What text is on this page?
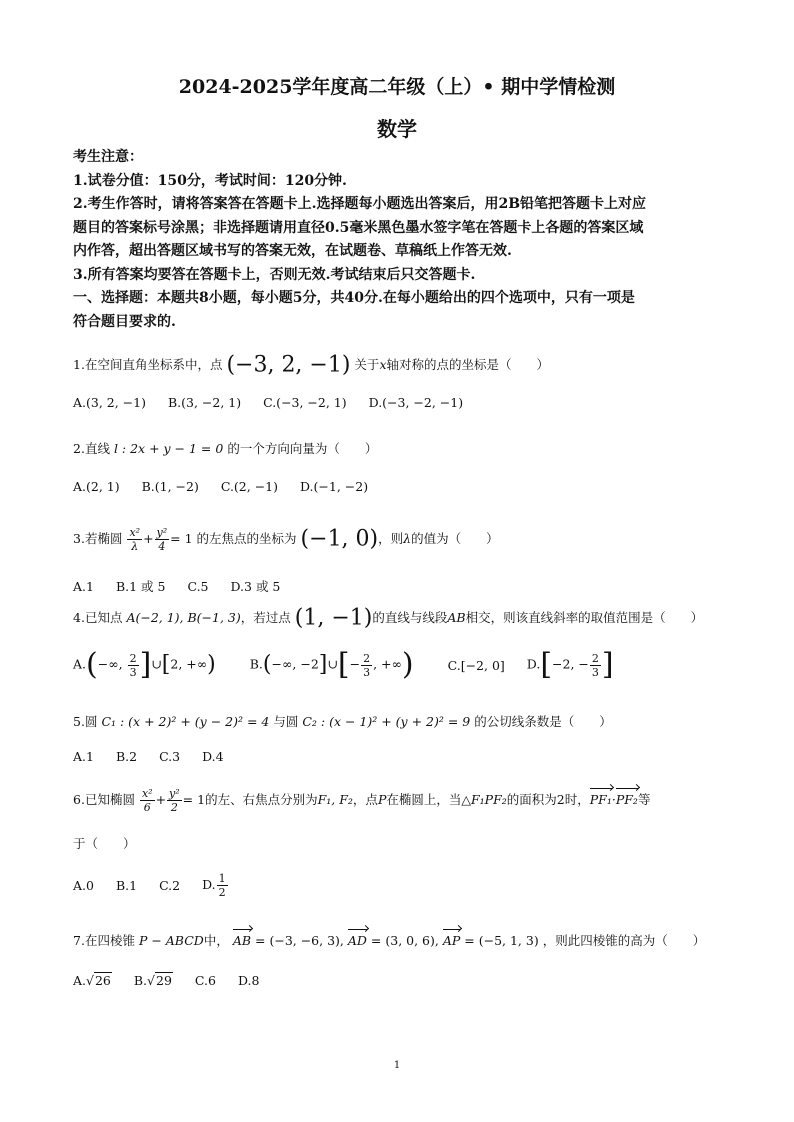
2024-2025学年度高二年级（上）• 期中学情检测
数学
考生注意：
1.试卷分值：150分，考试时间：120分钟.
2.考生作答时，请将答案答在答题卡上.选择题每小题选出答案后，用2B铅笔把答题卡上对应
题目的答案标号涂黑；非选择题请用直径0.5毫米黑色墨水签字笔在答题卡上各题的答案区域
内作答，超出答题区域书写的答案无效，在试题卷、草稿纸上作答无效.
3.所有答案均要答在答题卡上，否则无效.考试结束后只交答题卡.
一、选择题：本题共8小题，每小题5分，共40分.在每小题给出的四个选项中，只有一项是
符合题目要求的.
1.在空间直角坐标系中，点 (−3, 2, −1) 关于x轴对称的点的坐标是（　　）
A.(3, 2, −1) B.(3, −2, 1) C.(−3, −2, 1) D.(−3, −2, −1)
2.直线 l : 2x + y − 1 = 0 的一个方向向量为（　　）
A.(2, 1) B.(1, −2) C.(2, −1) D.(−1, −2)
3.若椭圆 $\frac{\text{x²}}{\lambda} + \frac{\text{y²}}{4} = 1$ 的左焦点的坐标为 (−1, 0)，则λ的值为（　　）
A.1 B.1 或 5 C.5 D.3 或 5
4.已知点 A(−2, 1), B(−1, 3)，若过点 (1, −1)的直线与线段AB相交，则该直线斜率的取值范围是（　　）
A.(−∞, $\frac{2}{3}$ ]∪[2, +∞)	B.(−∞, −2]∪[− $\frac{2}{3}$ , +∞)	C.[−2, 0] D.[−2, − $\frac{2}{3}$ ]
5.圆 C₁ : (x + 2)² + (y − 2)² = 4 与圆 C₂ : (x − 1)² + (y + 2)² = 9 的公切线条数是（　　）
A.1 B.2 C.3 D.4
6.已知椭圆 $\frac{\text{x²}}{6} + \frac{\text{y²}}{2} = 1$的左、右焦点分别为F₁, F₂，点P在椭圆上，当△F₁PF₂的面积为2时，PF₁·PF₂等
于（　　）
A.0 B.1 C.2 D. $\frac{1}{2}$
7.在四棱锥 P − ABCD中， AB = (−3, −6, 3), AD = (3, 0, 6), AP = (−5, 1, 3) ，则此四棱锥的高为（　　）
A.√26 B.√29 C.6 D.8
1
